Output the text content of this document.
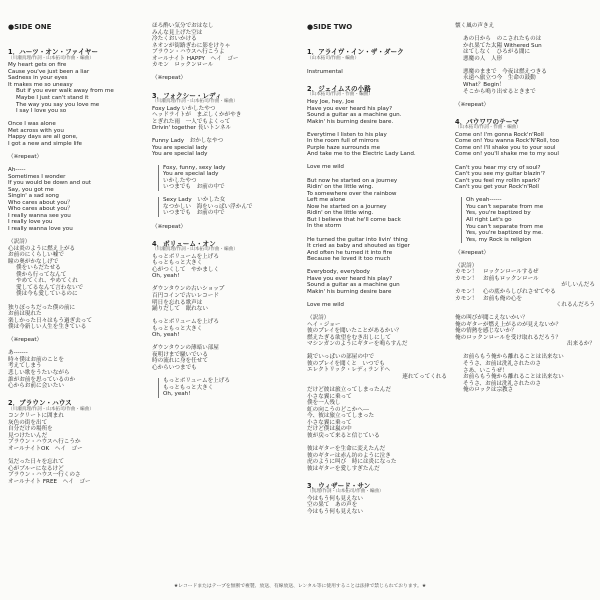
●SIDE ONE

1．ハーツ・オン・ファイヤー
（川瀬真理/作詞・山本拓司/作曲・編曲）
My heart gets on fire
Cause you've just been a liar
Sadness in your eyes
It makes me so uneasy
But if you ever walk away from me
Maybe I just can't stand it
The way you say you love me
I say I love you so
Once I was alone
Met across with you
Happy days are all gone,
I got a new and simple life
（※repeat）
Ah-----
Sometimes I wonder
If you would be down and out
Say, you got me
Singin' a sad song
Who cares about you？
Who cares about you？
I really wanna see you
I really love you
I really wanna love you
（訳詩）
心は炎のように燃え上がる
お前のにくらしい嘘で
瞳の奥がかなしげで
僕をいらだたせる
僕から行ってなんて
やめてくれ、やめてくれ
愛してるなんて言わないで
僕は今も愛しているのに
独りぼっちだった僕の前に
お前は現れた
楽しかった日々はもう過ぎ去って
僕は今新しい人生を生きている
（※repeat）
あ-------
時々僕はお前のことを
考えてしまう
悲しい歌をうたいながら
誰がお前を思っているのか
心からお前に会いたい
2．ブラウン・ハウス
（川瀬真理/作詞・山本拓司/作曲・編曲）
コンクリートに囲まれ
灰色の街を出て
自分だけの場所を
見つけたいんだ
ブラウン・ハウスへ行こうか
オールナイトOK　ヘイ　ゴー
気だった日々を忘れて
心がブルーになるけど
ブラウン・ハウス一行くのさ
オールナイト FREE　ヘイ　ゴー

ほろ酔い気分でおはなし
みんな見上げた空は
冷たくおいかける
ネオンが街路ぎわに影をけりゃ
ブラウン・ハウスへ行こうよ
オールナイト HAPPY　ヘイ　ゴー
カモン　ロックンロール
（※repeat）
3．フォクシー・レディ
（川瀬真理/作詞・山本拓司/作曲・編曲）
Foxy Lady いかしたやつ
ヘッドライトが　まぶしくかがやき
とぎれた雨　一人でもよくって
Drivin' together 長いトンネル
Funny Lady　おかしなやつ
You are special lady
You are special lady
Foxy, funny, sexy lady
You are special lady
いかしたやつ
いつまでも　お前の中で
Sexy Lady　いかした女
なつかしい　海をいっぱい浮かんで
いつまでも　お前の中で
（※repeat）
4．ボリューム・オン
（川瀬真理/作詞・山本拓司/作曲・編曲）
もっとボリュームを上げろ
もっともっと大きく
心がつくして　やかましく
Oh, yeah!
ダウンタウンの古いショップ
百円コインで古いレコード
明日を忘れる歌声は
踊りだして　眠れない
もっとボリュームを上げろ
もっともっと大きく
Oh, yeah!
ダウンタウンの薄暗い部屋
夜明けまで騒いでいる
時の流れに身を任せて
心からいつまでも
もっとボリュームを上げろ
もっともっと大きく
Oh, yeah!

●SIDE TWO

1．アライヴ・イン・ザ・ダーク
（山本拓司/作曲・編曲）
Instrumental
2．ジェイムスの小路
（山本拓司/作詞・作曲・編曲）
Hey Joe, hey, Joe
Have you ever heard his play?
Sound a guitar as a machine gun.
Makin' his burning desire bare.
Everytime I listen to his play
In the room full of mirrors
Purple haze surrounds me
And take me to the Electric Lady Land.
Love me wild
But now he started on a journey
Ridin' on the little wing.
To somewhere over the rainbow
Left me alone
Now he started on a journey
Ridin' on the little wing.
But I believe that he'll come back
In the storm
He turned the guitar into livin' thing
It cried as baby and shouted as tiger
And often he turned it into fire
Because he loved it too much
Everybody, everybody
Have you ever heard his play?
Sound a guitar as a machine gun
Makin' his burning desire bare
Love me wild
（訳詩）
ヘイ・ジョー
彼のプレイを聞いたことがあるかい？
燃えたぎる欲望をむき出しにして
マシンガンのようにギターを鳴らすんだ
鏡でいっぱいの部屋の中で
彼のプレイを聞くと　いつでも
エレクトリック・レディランドへ
連れてってくれる
だけど彼は旅立ってしまったんだ
小さな翼に乗って
僕を一人残し
虹の向こうのどこかへ---
今、彼は旅立ってしまった
小さな翼に乗って
だけど僕は嵐の中
彼が戻って来ると信じている
彼はギターを生命に変えたんだ
彼のギターは赤ん坊のように泣き
虎のように叫び　時には炎になった
彼はギターを愛しすぎたんだ
3．ウィザード・サン
（真理/作詞・山本拓司/作曲・編曲）
今はもう何も見えない
空の果て　あの声を
今はもう何も見えない

懐く風の声きえ
あの日から　のこされたものは
かれ果てた太陽 Withered Sun
はてしなく　ひろがる闇に
悪魔の人　人形
悪魔のままで　今夜は燃えつきる
永遠へ旅立つ今　生命の鼓動
What？Begin！
そこから鳴り出せるときまで
（※repeat）
4．パウワワのテーマ
（山本拓司/作詞・作曲・編曲）
Come on! I'm gonna Rock'n'Roll
Come on! You wanna Rock'N'Roll, too
Come on! I'll shake you to your soul
Come on! you'll shake me to my soul
Can't you hear my cry of soul?
Can't you see my guitar blazin'?
Can't you feel my rollin spark?
Can't you get your Rock'n'Roll
Oh yeah------
You can't separate from me
Yes, you're baptized by
All right Let's go
You can't separate from me
Yes, you're baptized by me.
Yes, my Rock is religion
（※repeat）
（訳詩）
カモン！　ロックンロールするぜ
カモン！　お前もロックンロール
がしいんだろ
カモン！　心の底からしびれさせてやる
カモン！　お前も俺の心を
くれるんだろう
俺の叫びが聞こえないかい？
俺のギターが燃え上がるのが見えないか？
俺の情熱を感じないか？
俺のロックンロールを受け取れるだろう？
出来るか？
お前らもう俺から離れることは出来ない
そうさ、お前は洗礼されたのさ
さあ、いこうぜ！
お前らもう俺から離れることは出来ない
そうさ、お前は洗礼されたのさ
俺のロックは宗教さ

★レコードまたはテープを無断で複製、放送、有線放送、レンタル等に使用することは法律で禁じられております。★
